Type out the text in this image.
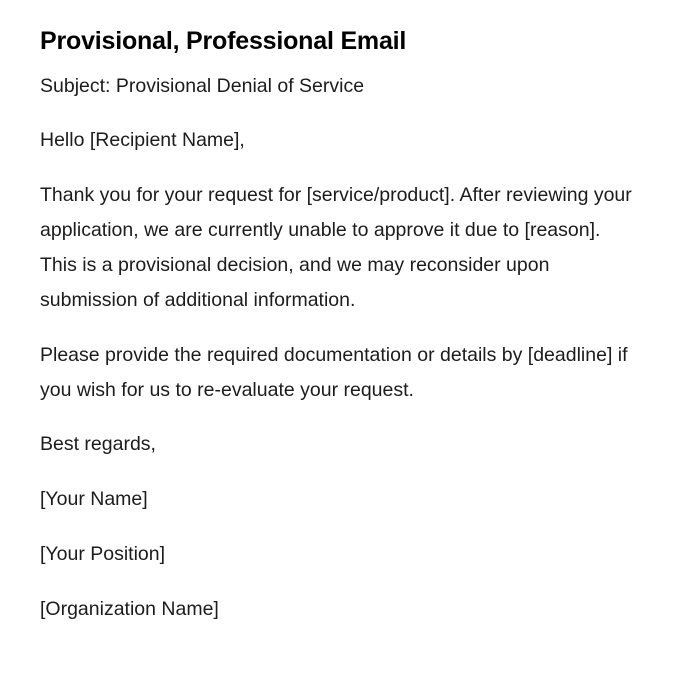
Provisional, Professional Email

Subject: Provisional Denial of Service

Hello [Recipient Name],

Thank you for your request for [service/product]. After reviewing your application, we are currently unable to approve it due to [reason]. This is a provisional decision, and we may reconsider upon submission of additional information.

Please provide the required documentation or details by [deadline] if you wish for us to re-evaluate your request.

Best regards,

[Your Name]

[Your Position]

[Organization Name]
